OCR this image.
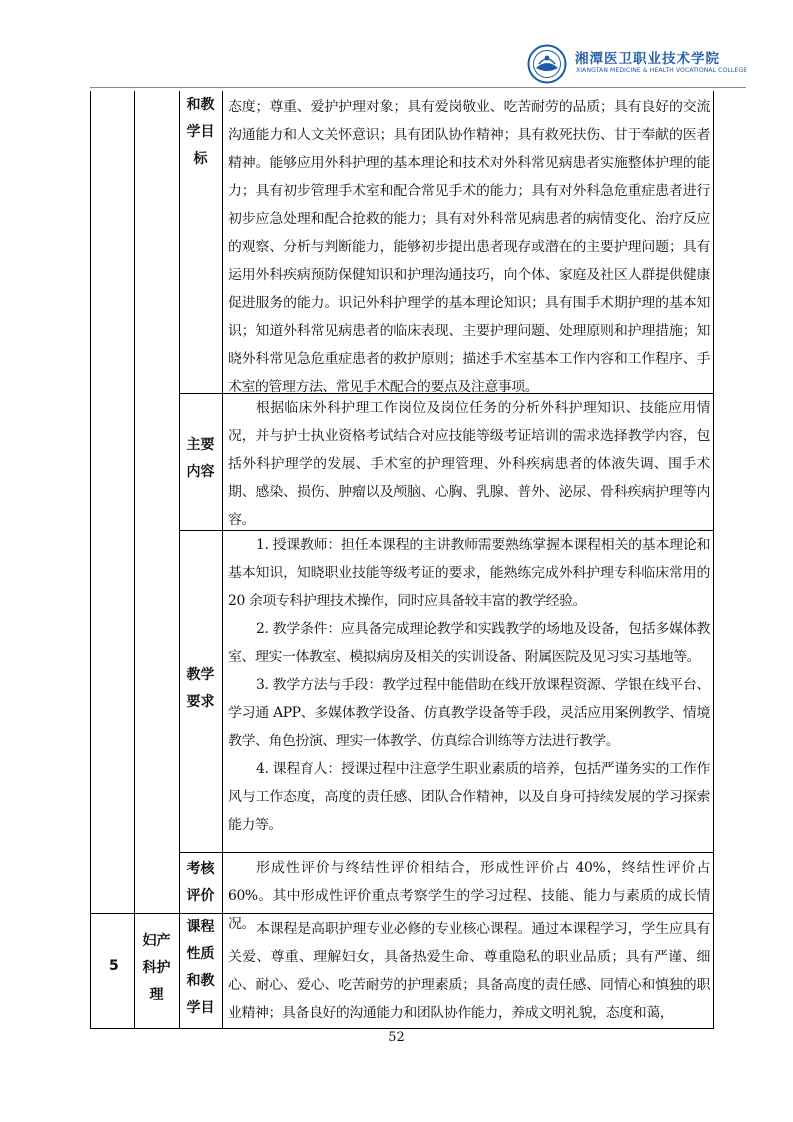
湘潭医卫职业技术学院
XIANGTAN MEDICINE & HEALTH VOCATIONAL COLLEGE
和教
学目
标

态度；尊重、爱护护理对象；具有爱岗敬业、吃苦耐劳的品质；具有良好的交流沟通能力和人文关怀意识；具有团队协作精神；具有救死扶伤、甘于奉献的医者精神。能够应用外科护理的基本理论和技术对外科常见病患者实施整体护理的能力；具有初步管理手术室和配合常见手术的能力；具有对外科急危重症患者进行初步应急处理和配合抢救的能力；具有对外科常见病患者的病情变化、治疗反应的观察、分析与判断能力，能够初步提出患者现存或潜在的主要护理问题；具有运用外科疾病预防保健知识和护理沟通技巧，向个体、家庭及社区人群提供健康促进服务的能力。识记外科护理学的基本理论知识；具有围手术期护理的基本知识；知道外科常见病患者的临床表现、主要护理问题、处理原则和护理措施；知晓外科常见急危重症患者的救护原则；描述手术室基本工作内容和工作程序、手术室的管理方法、常见手术配合的要点及注意事项。

主要
内容

根据临床外科护理工作岗位及岗位任务的分析外科护理知识、技能应用情况，并与护士执业资格考试结合对应技能等级考证培训的需求选择教学内容，包括外科护理学的发展、手术室的护理管理、外科疾病患者的体液失调、围手术期、感染、损伤、肿瘤以及颅脑、心胸、乳腺、普外、泌尿、骨科疾病护理等内容。

教学
要求

1. 授课教师：担任本课程的主讲教师需要熟练掌握本课程相关的基本理论和基本知识，知晓职业技能等级考证的要求，能熟练完成外科护理专科临床常用的 20 余项专科护理技术操作，同时应具备较丰富的教学经验。

2. 教学条件：应具备完成理论教学和实践教学的场地及设备，包括多媒体教室、理实一体教室、模拟病房及相关的实训设备、附属医院及见习实习基地等。

3. 教学方法与手段：教学过程中能借助在线开放课程资源、学银在线平台、学习通 APP、多媒体教学设备、仿真教学设备等手段，灵活应用案例教学、情境教学、角色扮演、理实一体教学、仿真综合训练等方法进行教学。

4. 课程育人：授课过程中注意学生职业素质的培养，包括严谨务实的工作作风与工作态度，高度的责任感、团队合作精神，以及自身可持续发展的学习探索能力等。

考核
评价

形成性评价与终结性评价相结合，形成性评价占 40%，终结性评价占 60%。其中形成性评价重点考察学生的学习过程、技能、能力与素质的成长情况。

5
妇产
科护
理
课程
性质
和教
学目

本课程是高职护理专业必修的专业核心课程。通过本课程学习，学生应具有关爱、尊重、理解妇女，具备热爱生命、尊重隐私的职业品质；具有严谨、细心、耐心、爱心、吃苦耐劳的护理素质；具备高度的责任感、同情心和慎独的职业精神；具备良好的沟通能力和团队协作能力，养成文明礼貌，态度和蔼，

52
